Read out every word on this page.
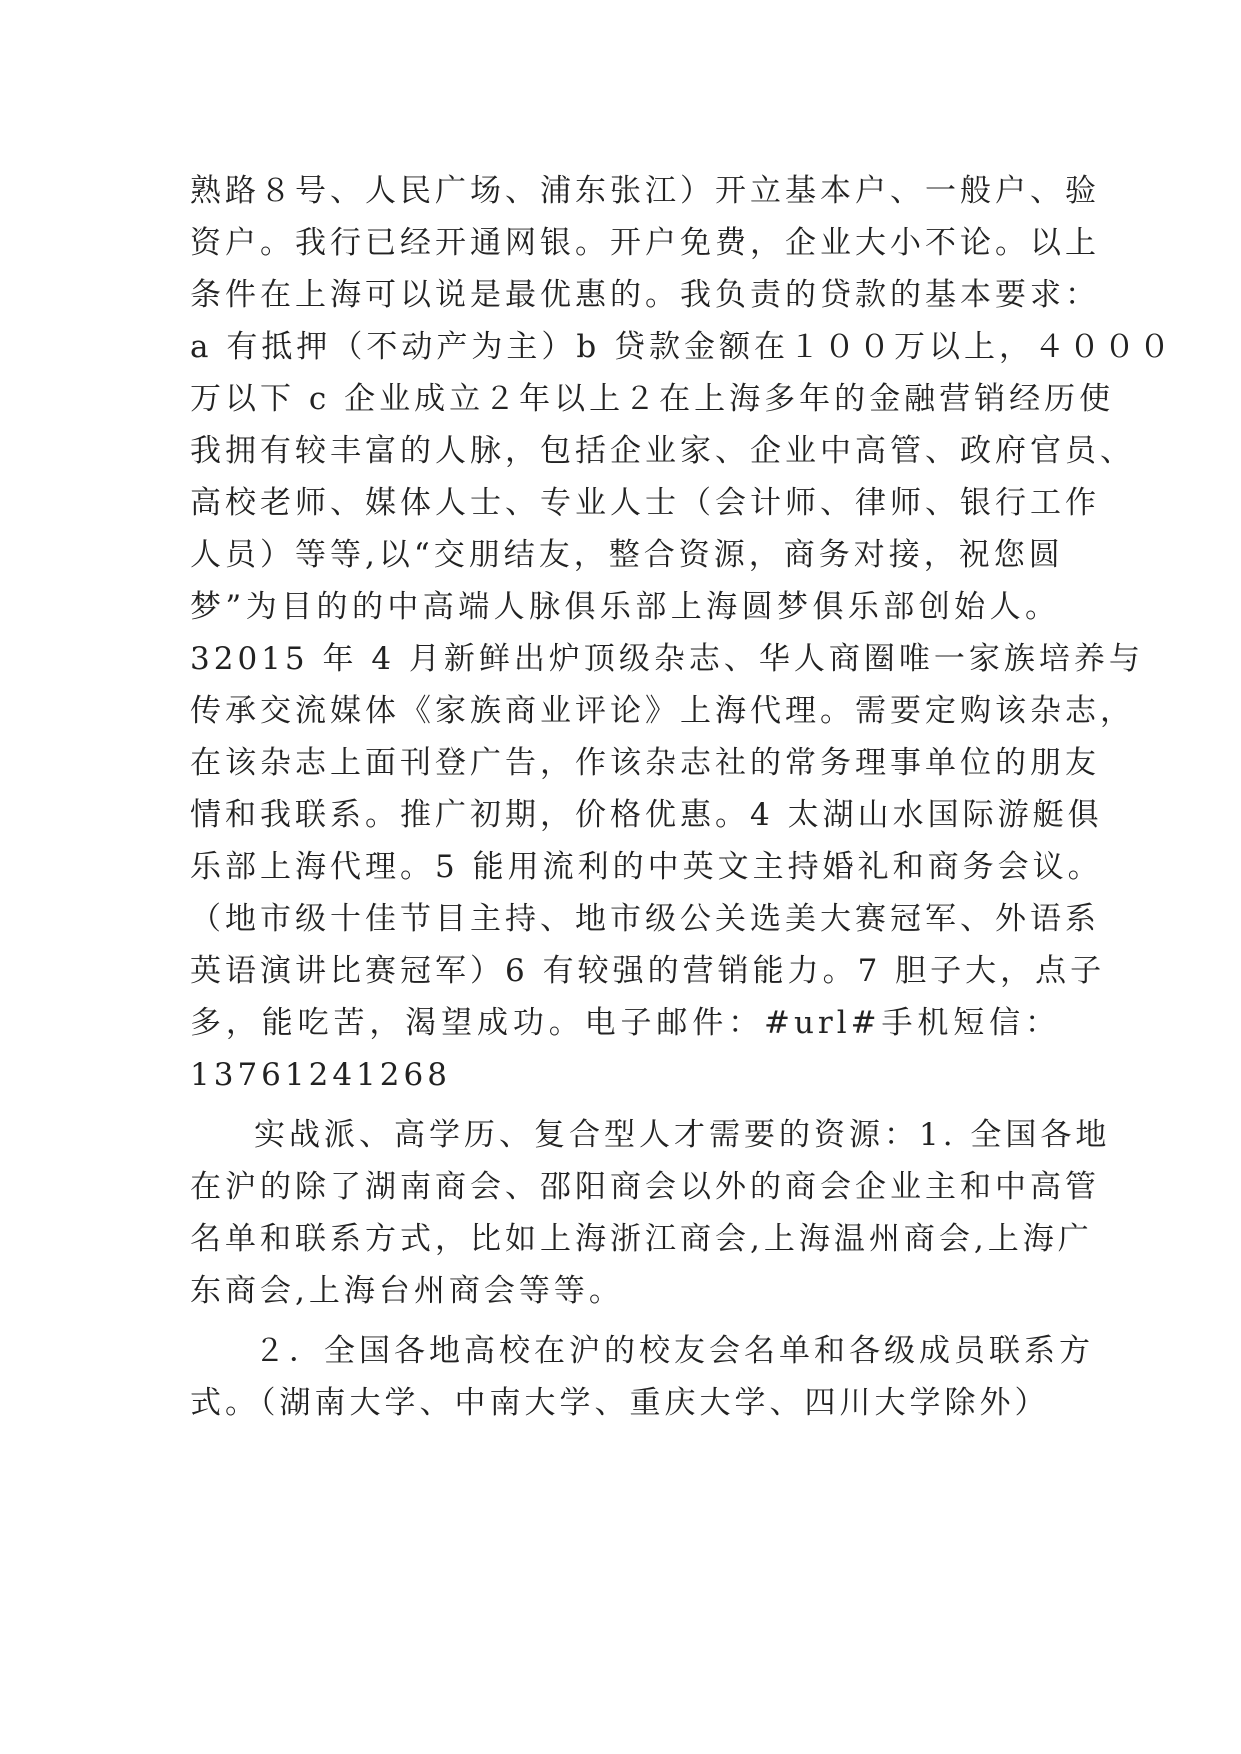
熟路８号、人民广场、浦东张江）开立基本户、一般户、验
资户。我行已经开通网银。开户免费，企业大小不论。以上
条件在上海可以说是最优惠的。我负责的贷款的基本要求：
a 有抵押（不动产为主）b 贷款金额在１００万以上，４０００
万以下 c 企业成立２年以上２在上海多年的金融营销经历使
我拥有较丰富的人脉，包括企业家、企业中高管、政府官员、
高校老师、媒体人士、专业人士（会计师、律师、银行工作
人员）等等,以“交朋结友，整合资源，商务对接，祝您圆
梦”为目的的中高端人脉俱乐部上海圆梦俱乐部创始人。
32015 年 4 月新鲜出炉顶级杂志、华人商圈唯一家族培养与
传承交流媒体《家族商业评论》上海代理。需要定购该杂志，
在该杂志上面刊登广告，作该杂志社的常务理事单位的朋友
情和我联系。推广初期，价格优惠。4 太湖山水国际游艇俱
乐部上海代理。5 能用流利的中英文主持婚礼和商务会议。
（地市级十佳节目主持、地市级公关选美大赛冠军、外语系
英语演讲比赛冠军）6 有较强的营销能力。7 胆子大，点子
多，能吃苦，渴望成功。电子邮件：#url#手机短信：
13761241268
实战派、高学历、复合型人才需要的资源：1. 全国各地
在沪的除了湖南商会、邵阳商会以外的商会企业主和中高管
名单和联系方式，比如上海浙江商会,上海温州商会,上海广
东商会,上海台州商会等等。
２．全国各地高校在沪的校友会名单和各级成员联系方
式。（湖南大学、中南大学、重庆大学、四川大学除外）
